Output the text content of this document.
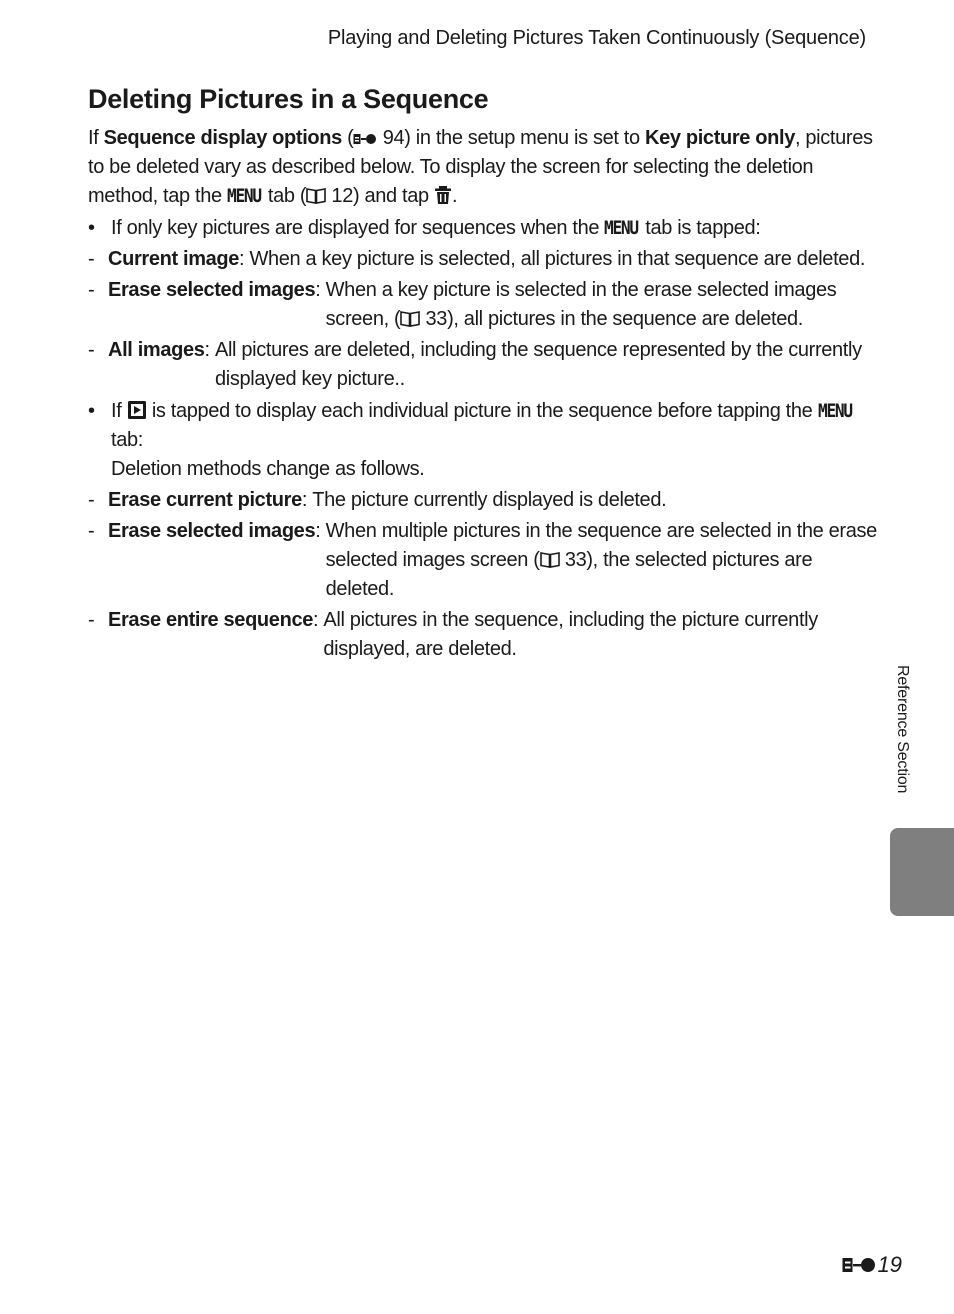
Playing and Deleting Pictures Taken Continuously (Sequence)
Deleting Pictures in a Sequence

If Sequence display options ( 94) in the setup menu is set to Key picture only, pictures to be deleted vary as described below. To display the screen for selecting the deletion method, tap the MENU tab ( 12) and tap .

• If only key pictures are displayed for sequences when the MENU tab is tapped:
- Current image: When a key picture is selected, all pictures in that sequence are deleted.
- Erase selected images: When a key picture is selected in the erase selected images screen, ( 33), all pictures in the sequence are deleted.
- All images: All pictures are deleted, including the sequence represented by the currently displayed key picture..
• If  is tapped to display each individual picture in the sequence before tapping the MENU tab:
Deletion methods change as follows.
- Erase current picture: The picture currently displayed is deleted.
- Erase selected images: When multiple pictures in the sequence are selected in the erase selected images screen ( 33), the selected pictures are deleted.
- Erase entire sequence: All pictures in the sequence, including the picture currently displayed, are deleted.
Reference Section
19
